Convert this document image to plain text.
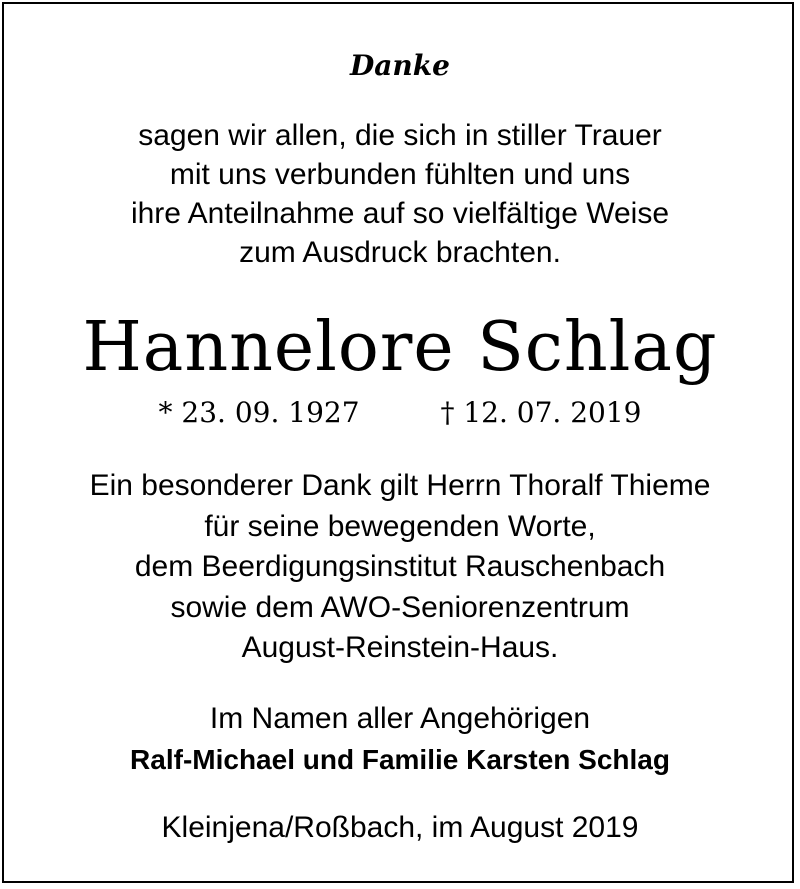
Danke
sagen wir allen, die sich in stiller Trauer
mit uns verbunden fühlten und uns
ihre Anteilnahme auf so vielfältige Weise
zum Ausdruck brachten.
Hannelore Schlag
* 23. 09. 1927	† 12. 07. 2019
Ein besonderer Dank gilt Herrn Thoralf Thieme
für seine bewegenden Worte,
dem Beerdigungsinstitut Rauschenbach
sowie dem AWO-Seniorenzentrum
August-Reinstein-Haus.
Im Namen aller Angehörigen
Ralf-Michael und Familie Karsten Schlag
Kleinjena/Roßbach, im August 2019
